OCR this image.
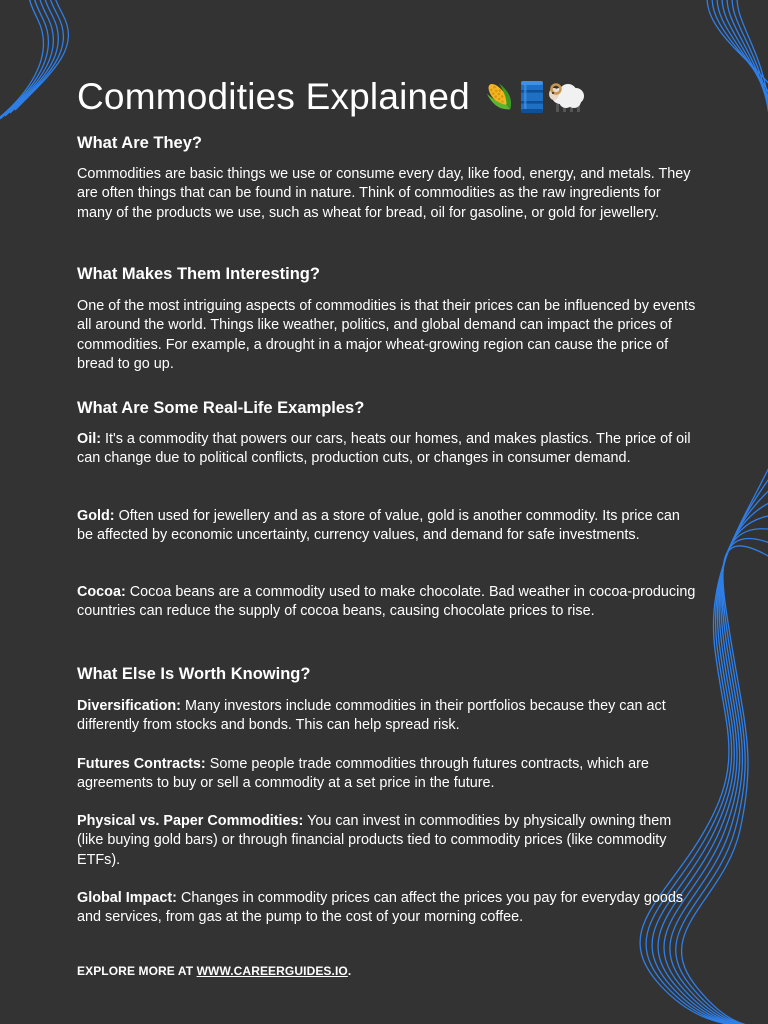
Commodities Explained
What Are They?

Commodities are basic things we use or consume every day, like food, energy, and metals. They are often things that can be found in nature. Think of commodities as the raw ingredients for many of the products we use, such as wheat for bread, oil for gasoline, or gold for jewellery.

What Makes Them Interesting?

One of the most intriguing aspects of commodities is that their prices can be influenced by events all around the world. Things like weather, politics, and global demand can impact the prices of commodities. For example, a drought in a major wheat-growing region can cause the price of bread to go up.

What Are Some Real-Life Examples?

Oil: It's a commodity that powers our cars, heats our homes, and makes plastics. The price of oil can change due to political conflicts, production cuts, or changes in consumer demand.

Gold: Often used for jewellery and as a store of value, gold is another commodity. Its price can be affected by economic uncertainty, currency values, and demand for safe investments.

Cocoa: Cocoa beans are a commodity used to make chocolate. Bad weather in cocoa-producing countries can reduce the supply of cocoa beans, causing chocolate prices to rise.

What Else Is Worth Knowing?

Diversification: Many investors include commodities in their portfolios because they can act differently from stocks and bonds. This can help spread risk.

Futures Contracts: Some people trade commodities through futures contracts, which are agreements to buy or sell a commodity at a set price in the future.

Physical vs. Paper Commodities: You can invest in commodities by physically owning them (like buying gold bars) or through financial products tied to commodity prices (like commodity ETFs).

Global Impact: Changes in commodity prices can affect the prices you pay for everyday goods and services, from gas at the pump to the cost of your morning coffee.

EXPLORE MORE AT WWW.CAREERGUIDES.IO.
